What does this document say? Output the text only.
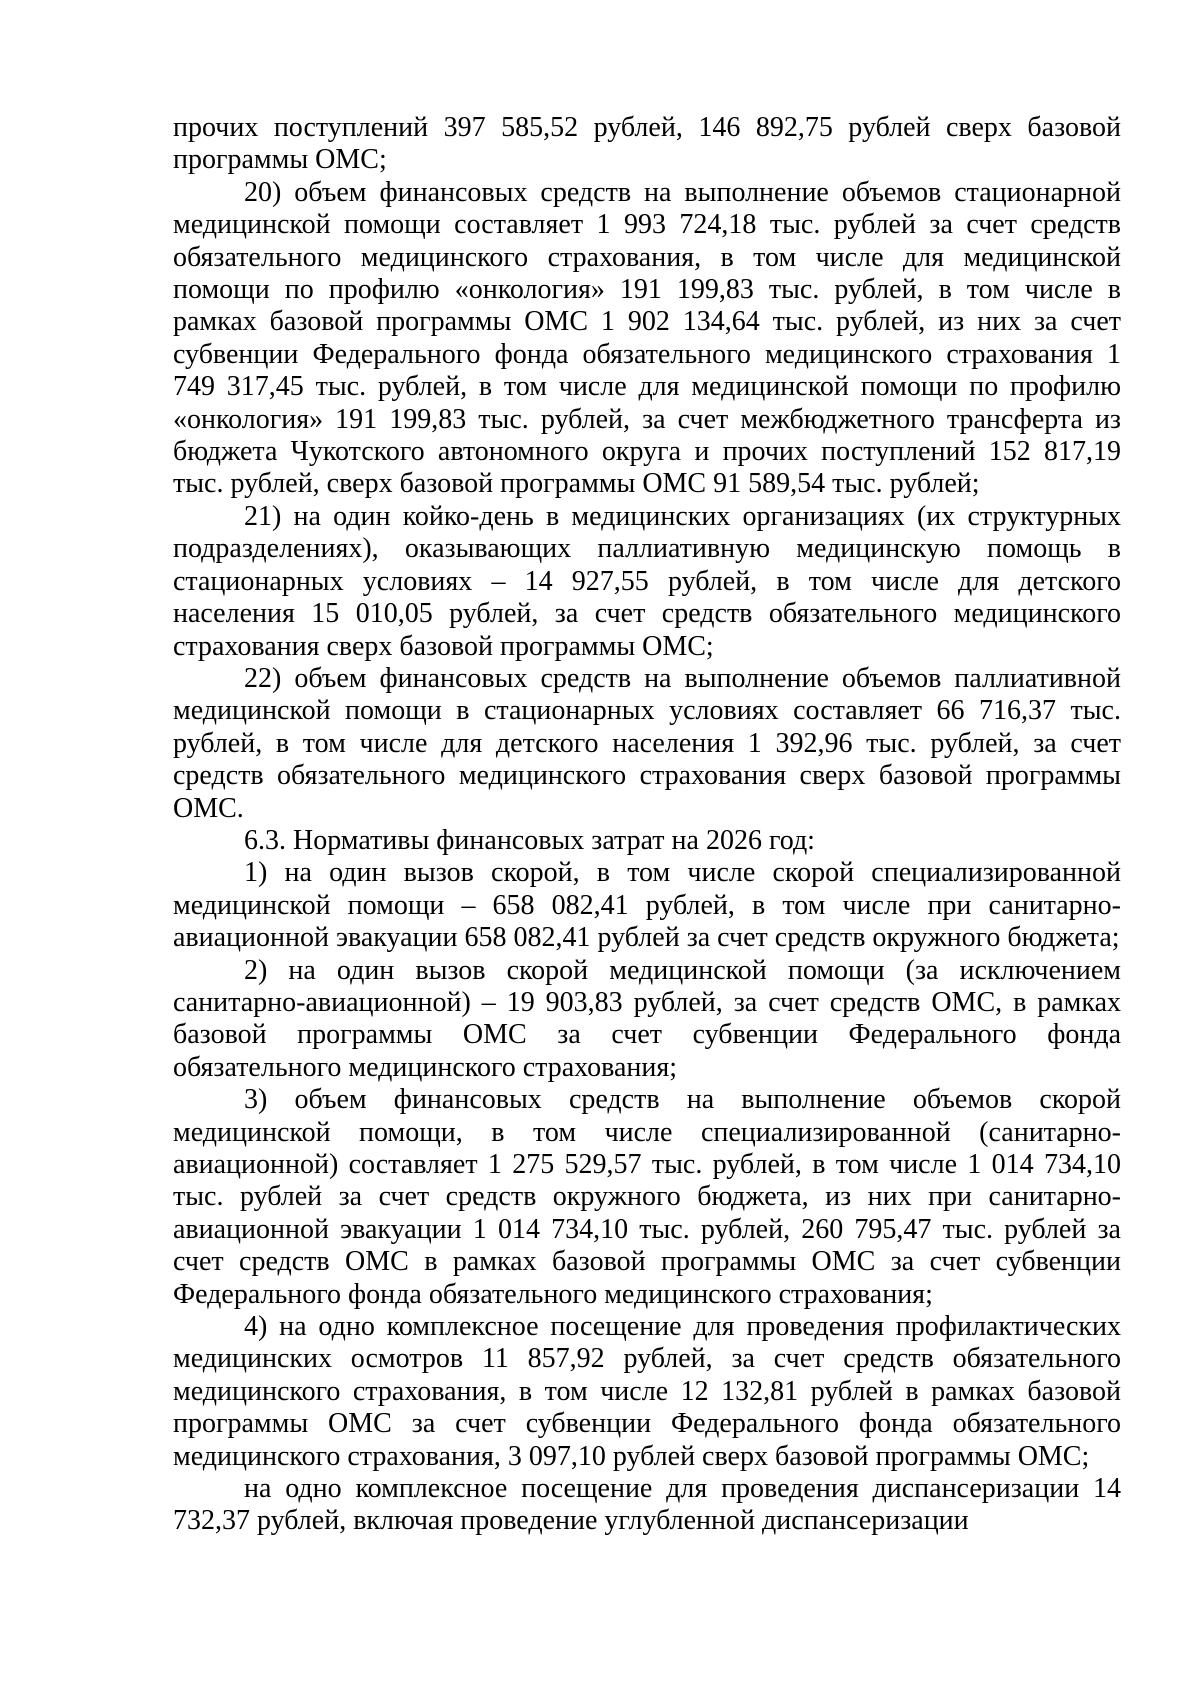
прочих поступлений 397 585,52 рублей, 146 892,75 рублей сверх базовой программы ОМС;

20) объем финансовых средств на выполнение объемов стационарной медицинской помощи составляет 1 993 724,18 тыс. рублей за счет средств обязательного медицинского страхования, в том числе для медицинской помощи по профилю «онкология» 191 199,83 тыс. рублей, в том числе в рамках базовой программы ОМС 1 902 134,64 тыс. рублей, из них за счет субвенции Федерального фонда обязательного медицинского страхования 1 749 317,45 тыс. рублей, в том числе для медицинской помощи по профилю «онкология» 191 199,83 тыс. рублей, за счет межбюджетного трансферта из бюджета Чукотского автономного округа и прочих поступлений 152 817,19 тыс. рублей, сверх базовой программы ОМС 91 589,54 тыс. рублей;

21) на один койко-день в медицинских организациях (их структурных подразделениях), оказывающих паллиативную медицинскую помощь в стационарных условиях – 14 927,55 рублей, в том числе для детского населения 15 010,05 рублей, за счет средств обязательного медицинского страхования сверх базовой программы ОМС;

22) объем финансовых средств на выполнение объемов паллиативной медицинской помощи в стационарных условиях составляет 66 716,37 тыс. рублей, в том числе для детского населения 1 392,96 тыс. рублей, за счет средств обязательного медицинского страхования сверх базовой программы ОМС.

6.3. Нормативы финансовых затрат на 2026 год:

1) на один вызов скорой, в том числе скорой специализированной медицинской помощи – 658 082,41 рублей, в том числе при санитарно-авиационной эвакуации 658 082,41 рублей за счет средств окружного бюджета;

2) на один вызов скорой медицинской помощи (за исключением санитарно-авиационной) – 19 903,83 рублей, за счет средств ОМС, в рамках базовой программы ОМС за счет субвенции Федерального фонда обязательного медицинского страхования;

3) объем финансовых средств на выполнение объемов скорой медицинской помощи, в том числе специализированной (санитарно-авиационной) составляет 1 275 529,57 тыс. рублей, в том числе 1 014 734,10 тыс. рублей за счет средств окружного бюджета, из них при санитарно-авиационной эвакуации 1 014 734,10 тыс. рублей, 260 795,47 тыс. рублей за счет средств ОМС в рамках базовой программы ОМС за счет субвенции Федерального фонда обязательного медицинского страхования;

4) на одно комплексное посещение для проведения профилактических медицинских осмотров 11 857,92 рублей, за счет средств обязательного медицинского страхования, в том числе 12 132,81 рублей в рамках базовой программы ОМС за счет субвенции Федерального фонда обязательного медицинского страхования, 3 097,10 рублей сверх базовой программы ОМС;

на одно комплексное посещение для проведения диспансеризации 14 732,37 рублей, включая проведение углубленной диспансеризации
